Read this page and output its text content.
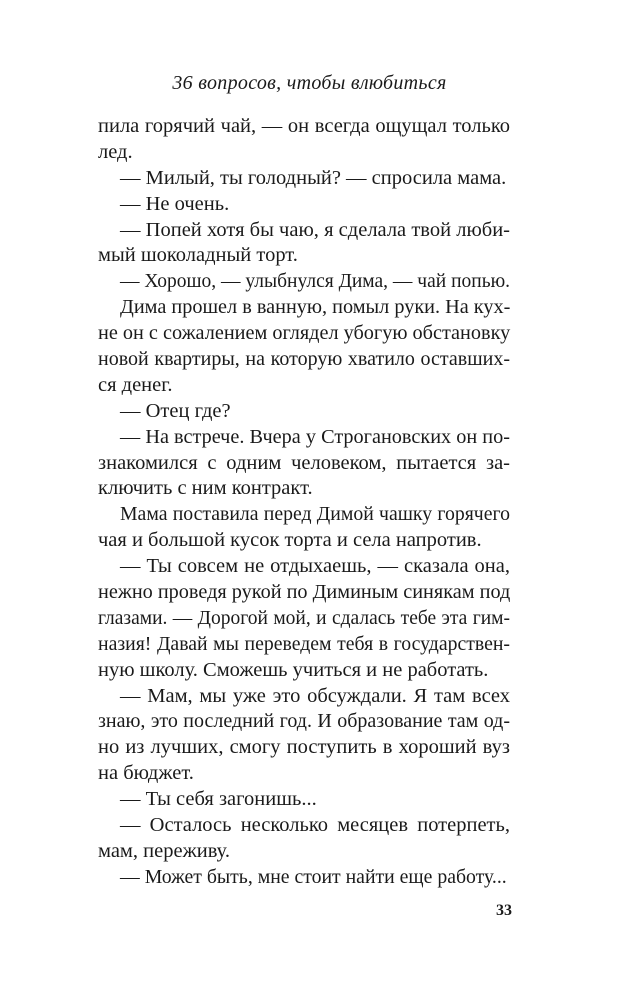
36 вопросов, чтобы влюбиться
пила горячий чай, — он всегда ощущал только
лед.
— Милый, ты голодный? — спросила мама.
— Не очень.
— Попей хотя бы чаю, я сделала твой люби-
мый шоколадный торт.
— Хорошо, — улыбнулся Дима, — чай попью.
Дима прошел в ванную, помыл руки. На кух-
не он с сожалением оглядел убогую обстановку
новой квартиры, на которую хватило оставших-
ся денег.
— Отец где?
— На встрече. Вчера у Строгановских он по-
знакомился с одним человеком, пытается за-
ключить с ним контракт.
Мама поставила перед Димой чашку горячего
чая и большой кусок торта и села напротив.
— Ты совсем не отдыхаешь, — сказала она,
нежно проведя рукой по Диминым синякам под
глазами. — Дорогой мой, и сдалась тебе эта гим-
назия! Давай мы переведем тебя в государствен-
ную школу. Сможешь учиться и не работать.
— Мам, мы уже это обсуждали. Я там всех
знаю, это последний год. И образование там од-
но из лучших, смогу поступить в хороший вуз
на бюджет.
— Ты себя загонишь...
— Осталось несколько месяцев потерпеть,
мам, переживу.
— Может быть, мне стоит найти еще работу...
33
